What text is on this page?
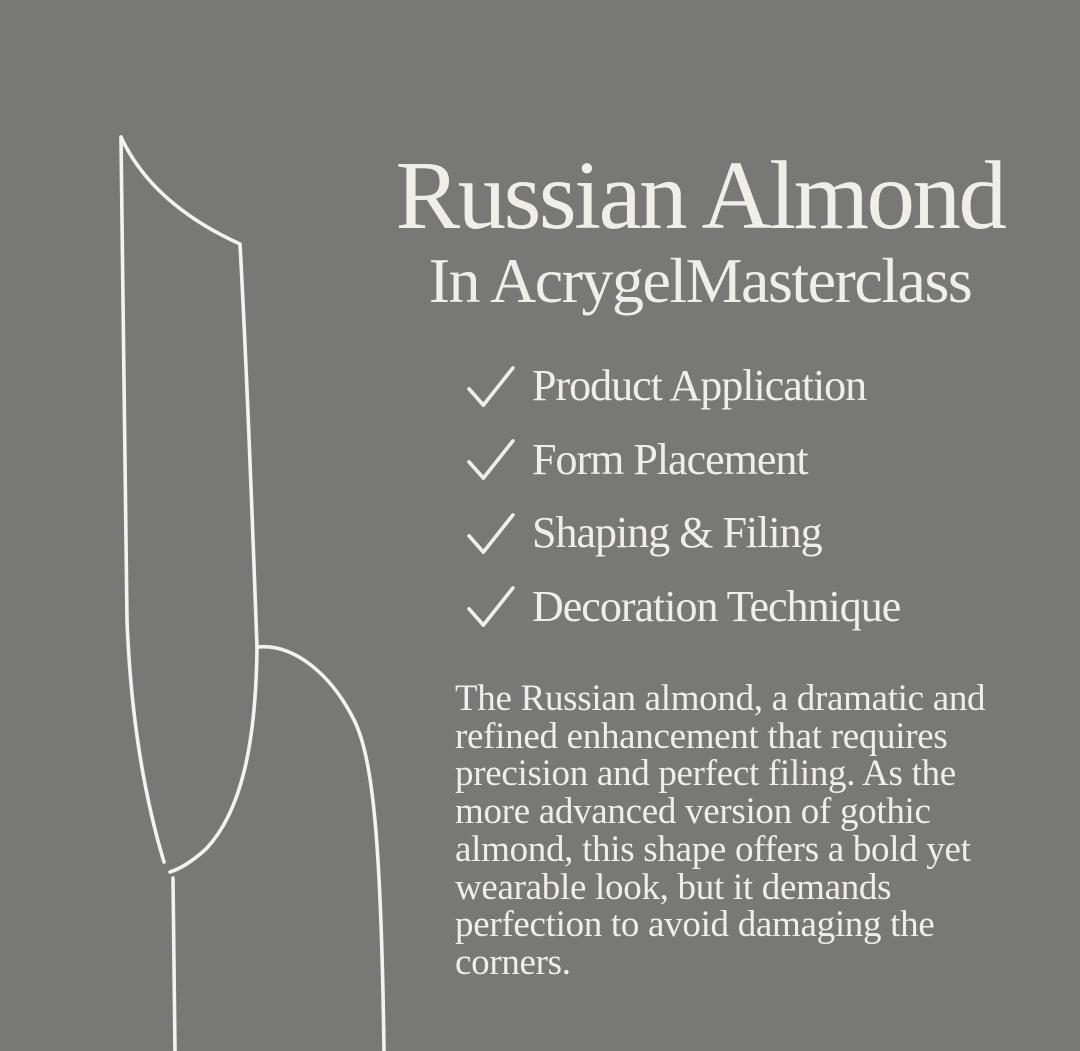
Russian Almond
In AcrygelMasterclass
Product Application
Form Placement
Shaping & Filing
Decoration Technique
The Russian almond, a dramatic and
refined enhancement that requires
precision and perfect filing. As the
more advanced version of gothic
almond, this shape offers a bold yet
wearable look, but it demands
perfection to avoid damaging the
corners.
